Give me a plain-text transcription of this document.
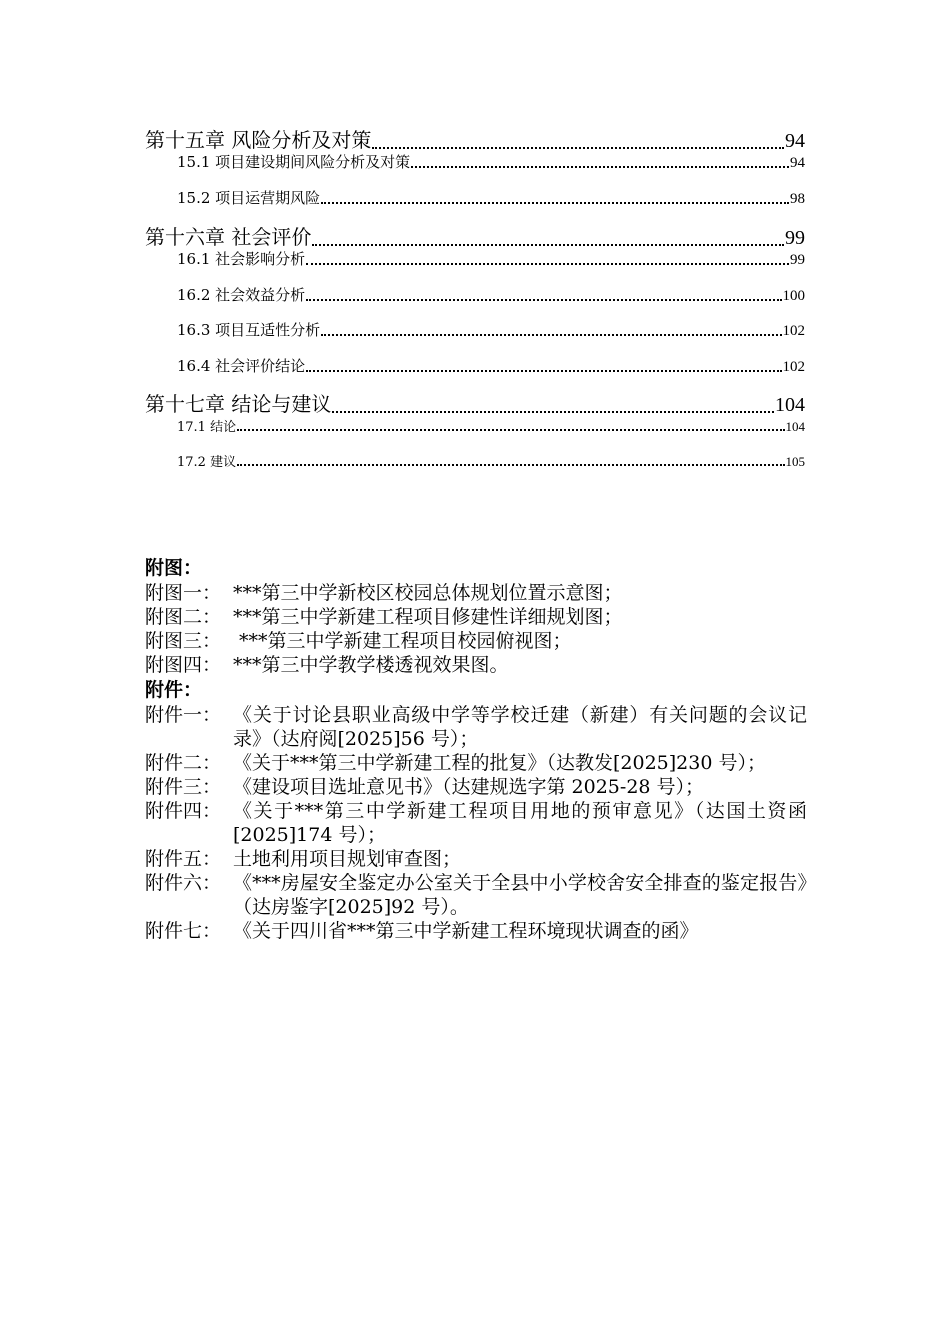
第十五章 风险分析及对策	94
15.1 项目建设期间风险分析及对策	94
15.2 项目运营期风险	98
第十六章 社会评价	99
16.1 社会影响分析	99
16.2 社会效益分析	100
16.3 项目互适性分析	102
16.4 社会评价结论	102
第十七章 结论与建议	104
17.1 结论	104
17.2 建议	105
附图：
附图一： ***第三中学新校区校园总体规划位置示意图；
附图二： ***第三中学新建工程项目修建性详细规划图；
附图三： ***第三中学新建工程项目校园俯视图；
附图四： ***第三中学教学楼透视效果图。
附件：
附件一： 《关于讨论县职业高级中学等学校迁建（新建）有关问题的会议记录》（达府阅[2025]56 号）；
附件二： 《关于***第三中学新建工程的批复》（达教发[2025]230 号）；
附件三： 《建设项目选址意见书》（达建规选字第 2025-28 号）；
附件四： 《关于***第三中学新建工程项目用地的预审意见》（达国土资函[2025]174 号）；
附件五： 土地利用项目规划审查图；
附件六： 《***房屋安全鉴定办公室关于全县中小学校舍安全排查的鉴定报告》（达房鉴字[2025]92 号）。
附件七： 《关于四川省***第三中学新建工程环境现状调查的函》
